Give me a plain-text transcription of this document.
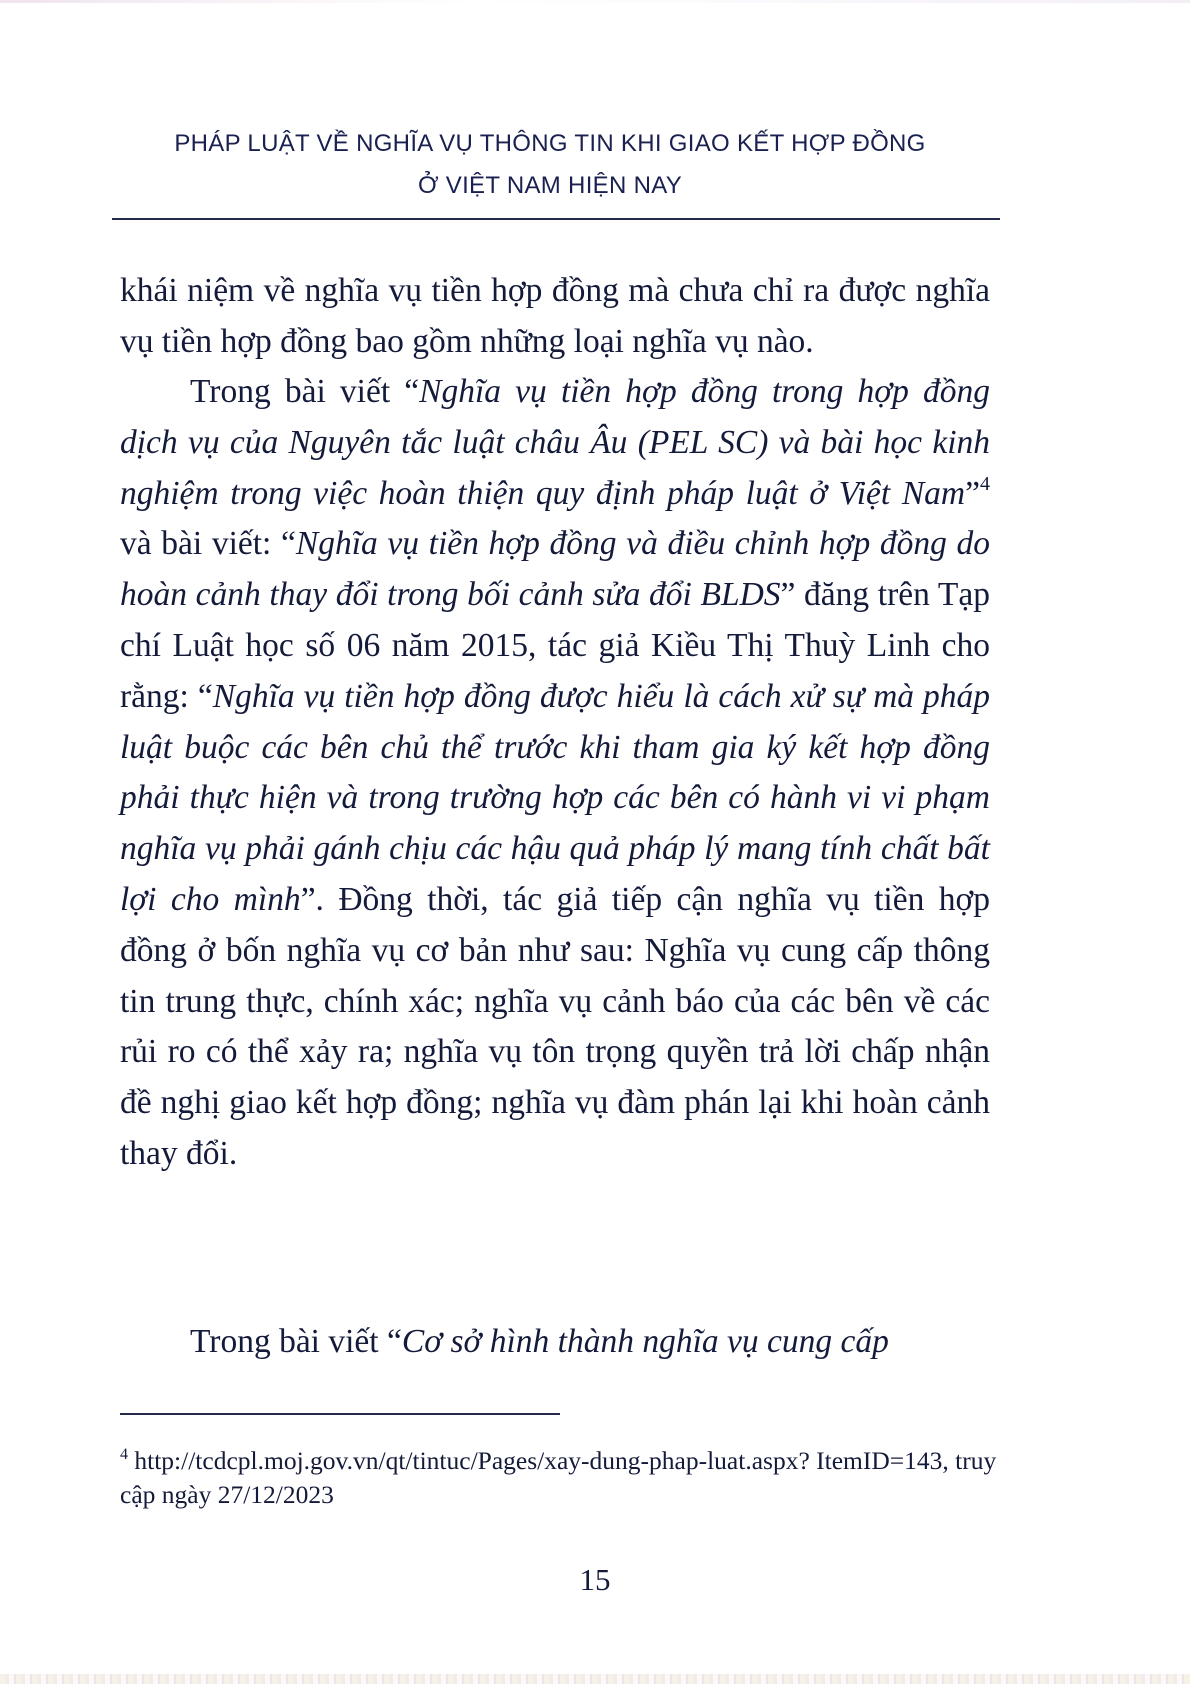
PHÁP LUẬT VỀ NGHĨA VỤ THÔNG TIN KHI GIAO KẾT HỢP ĐỒNG
Ở VIỆT NAM HIỆN NAY

khái niệm về nghĩa vụ tiền hợp đồng mà chưa chỉ ra được nghĩa vụ tiền hợp đồng bao gồm những loại nghĩa vụ nào.

Trong bài viết “Nghĩa vụ tiền hợp đồng trong hợp đồng dịch vụ của Nguyên tắc luật châu Âu (PEL SC) và bài học kinh nghiệm trong việc hoàn thiện quy định pháp luật ở Việt Nam”$^4$ và bài viết: “Nghĩa vụ tiền hợp đồng và điều chỉnh hợp đồng do hoàn cảnh thay đổi trong bối cảnh sửa đổi BLDS” đăng trên Tạp chí Luật học số 06 năm 2015, tác giả Kiều Thị Thuỳ Linh cho rằng: “Nghĩa vụ tiền hợp đồng được hiểu là cách xử sự mà pháp luật buộc các bên chủ thể trước khi tham gia ký kết hợp đồng phải thực hiện và trong trường hợp các bên có hành vi vi phạm nghĩa vụ phải gánh chịu các hậu quả pháp lý mang tính chất bất lợi cho mình”. Đồng thời, tác giả tiếp cận nghĩa vụ tiền hợp đồng ở bốn nghĩa vụ cơ bản như sau: Nghĩa vụ cung cấp thông tin trung thực, chính xác; nghĩa vụ cảnh báo của các bên về các rủi ro có thể xảy ra; nghĩa vụ tôn trọng quyền trả lời chấp nhận đề nghị giao kết hợp đồng; nghĩa vụ đàm phán lại khi hoàn cảnh thay đổi.

Trong bài viết “Cơ sở hình thành nghĩa vụ cung cấp

$^4$ http://tcdcpl.moj.gov.vn/qt/tintuc/Pages/xay-dung-phap-luat.aspx? ItemID=143, truy cập ngày 27/12/2023
15
